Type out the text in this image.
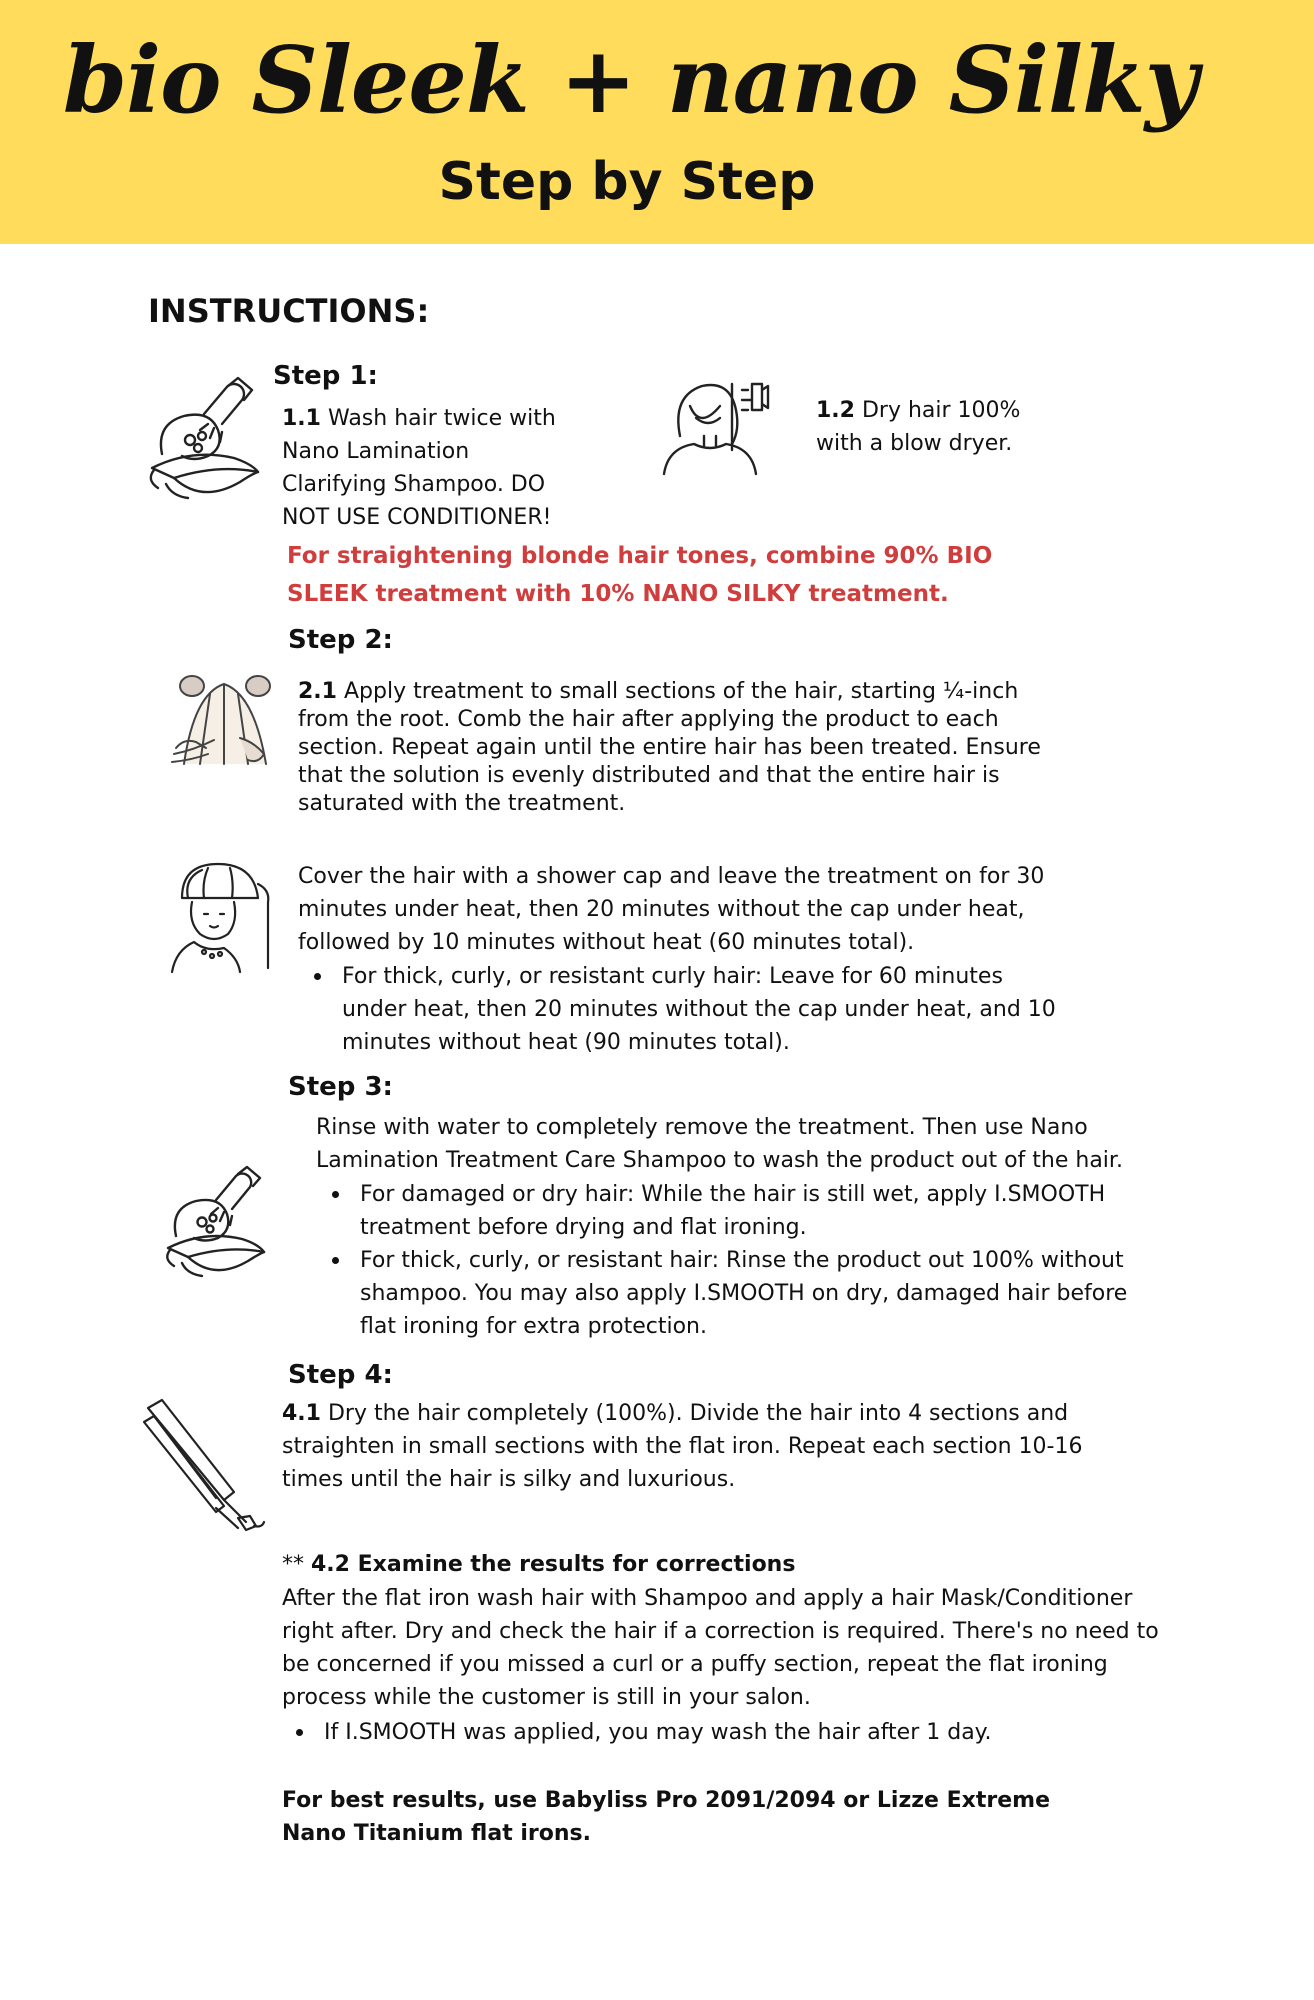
bio Sleek + nano Silky
Step by Step
INSTRUCTIONS:
Step 1:
1.1 Wash hair twice with Nano Lamination Clarifying Shampoo. DO NOT USE CONDITIONER!
1.2 Dry hair 100% with a blow dryer.
For straightening blonde hair tones, combine 90% BIO SLEEK treatment with 10% NANO SILKY treatment.
Step 2:
2.1 Apply treatment to small sections of the hair, starting ¼-inch from the root. Comb the hair after applying the product to each section. Repeat again until the entire hair has been treated. Ensure that the solution is evenly distributed and that the entire hair is saturated with the treatment.
Cover the hair with a shower cap and leave the treatment on for 30 minutes under heat, then 20 minutes without the cap under heat, followed by 10 minutes without heat (60 minutes total).
For thick, curly, or resistant curly hair: Leave for 60 minutes under heat, then 20 minutes without the cap under heat, and 10 minutes without heat (90 minutes total).
Step 3:
Rinse with water to completely remove the treatment. Then use Nano Lamination Treatment Care Shampoo to wash the product out of the hair.
For damaged or dry hair: While the hair is still wet, apply I.SMOOTH treatment before drying and flat ironing.
For thick, curly, or resistant hair: Rinse the product out 100% without shampoo. You may also apply I.SMOOTH on dry, damaged hair before flat ironing for extra protection.
Step 4:
4.1 Dry the hair completely (100%). Divide the hair into 4 sections and straighten in small sections with the flat iron. Repeat each section 10-16 times until the hair is silky and luxurious.
** 4.2 Examine the results for corrections
After the flat iron wash hair with Shampoo and apply a hair Mask/Conditioner right after. Dry and check the hair if a correction is required. There's no need to be concerned if you missed a curl or a puffy section, repeat the flat ironing process while the customer is still in your salon.
If I.SMOOTH was applied, you may wash the hair after 1 day.
For best results, use Babyliss Pro 2091/2094 or Lizze Extreme Nano Titanium flat irons.
